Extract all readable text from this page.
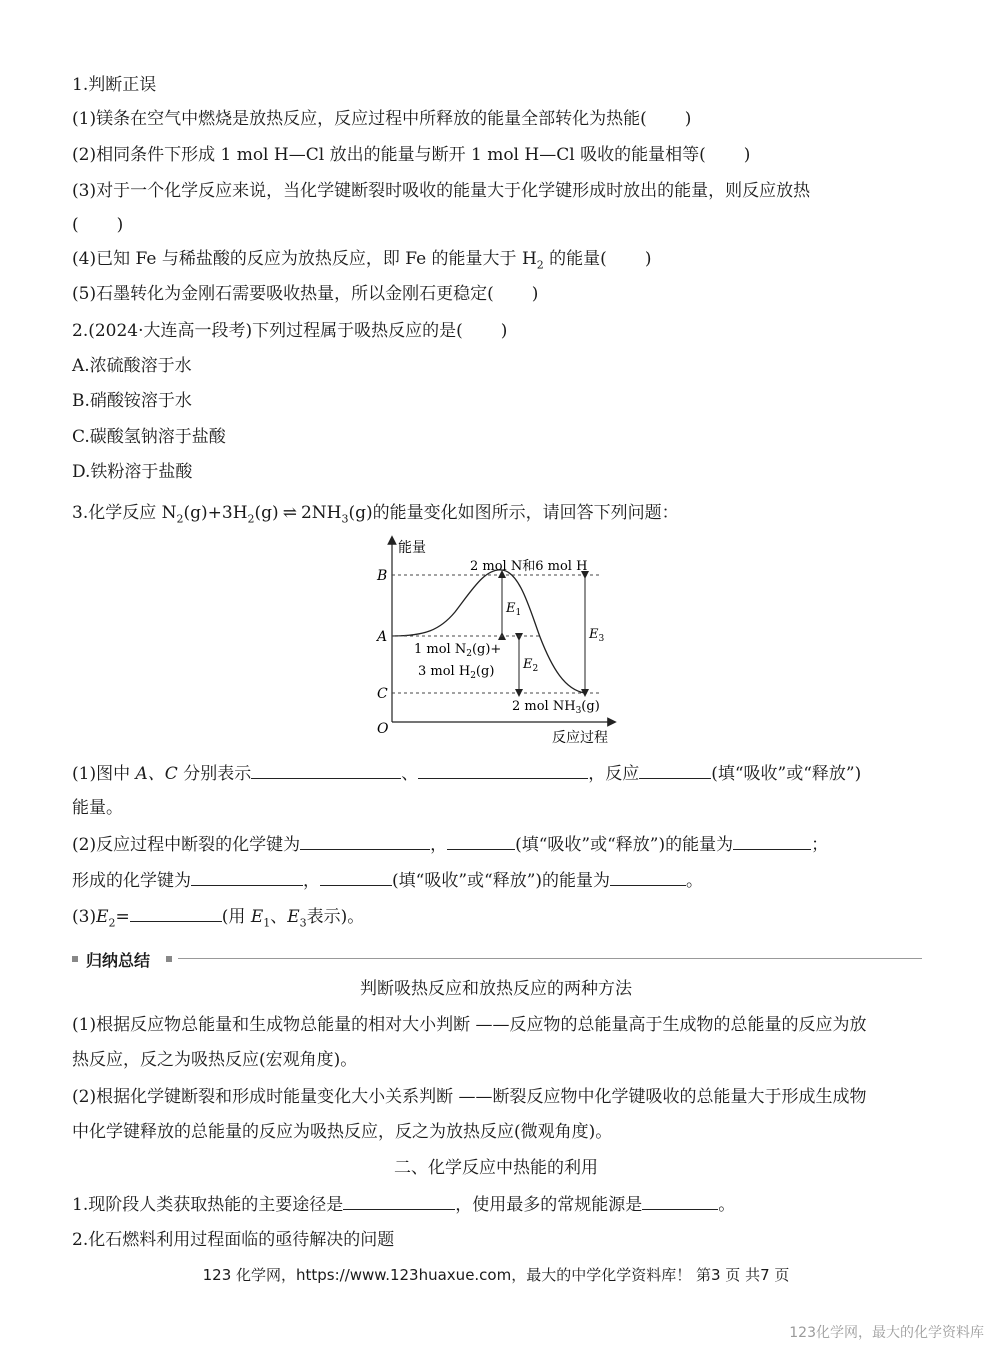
1.判断正误
(1)镁条在空气中燃烧是放热反应，反应过程中所释放的能量全部转化为热能( )
(2)相同条件下形成 1 mol H—Cl 放出的能量与断开 1 mol H—Cl 吸收的能量相等( )
(3)对于一个化学反应来说，当化学键断裂时吸收的能量大于化学键形成时放出的能量，则反应放热
( )
(4)已知 Fe 与稀盐酸的反应为放热反应，即 Fe 的能量大于 $H_2$ 的能量( )
(5)石墨转化为金刚石需要吸收热量，所以金刚石更稳定( )
2.(2024·大连高一段考)下列过程属于吸热反应的是( )
A.浓硫酸溶于水
B.硝酸铵溶于水
C.碳酸氢钠溶于盐酸
D.铁粉溶于盐酸
3.化学反应 $N_2(g)+3H_2(g)$ ⇌ $2NH_3(g)$的能量变化如图所示，请回答下列问题：
能量
B
A
C
O
反应过程
2 mol N和6 mol H
$E_1$
$E_2$
$E_3$
1 mol $N_2(g)+$
3 mol $H_2(g)$
2 mol $NH_3(g)$
(1)图中 A、C 分别表示	、	，反应	(填“吸收”或“释放”)
能量。
(2)反应过程中断裂的化学键为	，	(填“吸收”或“释放”)的能量为	；
形成的化学键为	，	(填“吸收”或“释放”)的能量为	。
$(3)E_2=$	(用 $E_1$、$E_3$表示)。
归纳总结
判断吸热反应和放热反应的两种方法
(1)根据反应物总能量和生成物总能量的相对大小判断 ——反应物的总能量高于生成物的总能量的反应为放
热反应，反之为吸热反应(宏观角度)。
(2)根据化学键断裂和形成时能量变化大小关系判断 ——断裂反应物中化学键吸收的总能量大于形成生成物
中化学键释放的总能量的反应为吸热反应，反之为放热反应(微观角度)。
二、化学反应中热能的利用
1.现阶段人类获取热能的主要途径是	，使用最多的常规能源是	。
2.化石燃料利用过程面临的亟待解决的问题
123 化学网，https://www.123huaxue.com，最大的中学化学资料库！ 第3 页 共7 页
123化学网，最大的化学资料库
